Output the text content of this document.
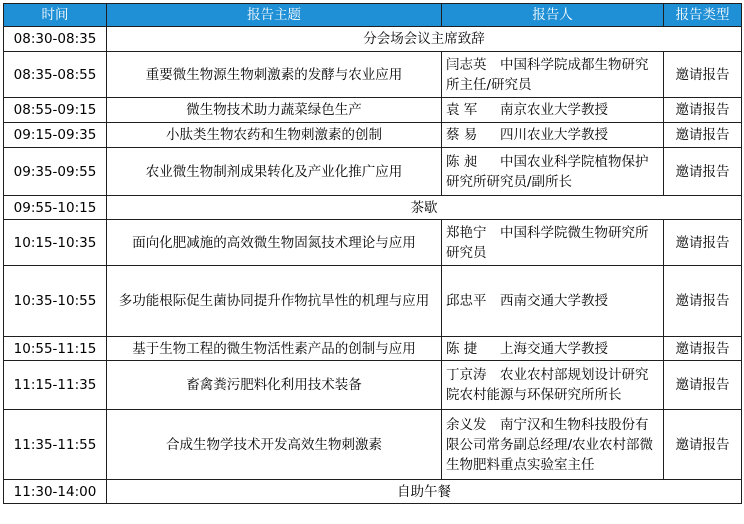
时间	报告主题	报告人	报告类型
08:30-08:35	分会场会议主席致辞		
08:35-08:55	重要微生物源生物刺激素的发酵与农业应用	闫志英 中国科学院成都生物研究所主任/研究员	邀请报告
08:55-09:15	微生物技术助力蔬菜绿色生产	袁 军 南京农业大学教授	邀请报告
09:15-09:35	小肽类生物农药和生物刺激素的创制	蔡 易 四川农业大学教授	邀请报告
09:35-09:55	农业微生物制剂成果转化及产业化推广应用	陈 昶 中国农业科学院植物保护研究所研究员/副所长	邀请报告
09:55-10:15	茶歇		
10:15-10:35	面向化肥减施的高效微生物固氮技术理论与应用	郑艳宁 中国科学院微生物研究所研究员	邀请报告
10:35-10:55	多功能根际促生菌协同提升作物抗旱性的机理与应用	邱忠平 西南交通大学教授	邀请报告
10:55-11:15	基于生物工程的微生物活性素产品的创制与应用	陈 捷 上海交通大学教授	邀请报告
11:15-11:35	畜禽粪污肥料化利用技术装备	丁京涛 农业农村部规划设计研究院农村能源与环保研究所所长	邀请报告
11:35-11:55	合成生物学技术开发高效生物刺激素	余义发 南宁汉和生物科技股份有限公司常务副总经理/农业农村部微生物肥料重点实验室主任	邀请报告
11:30-14:00	自助午餐		
